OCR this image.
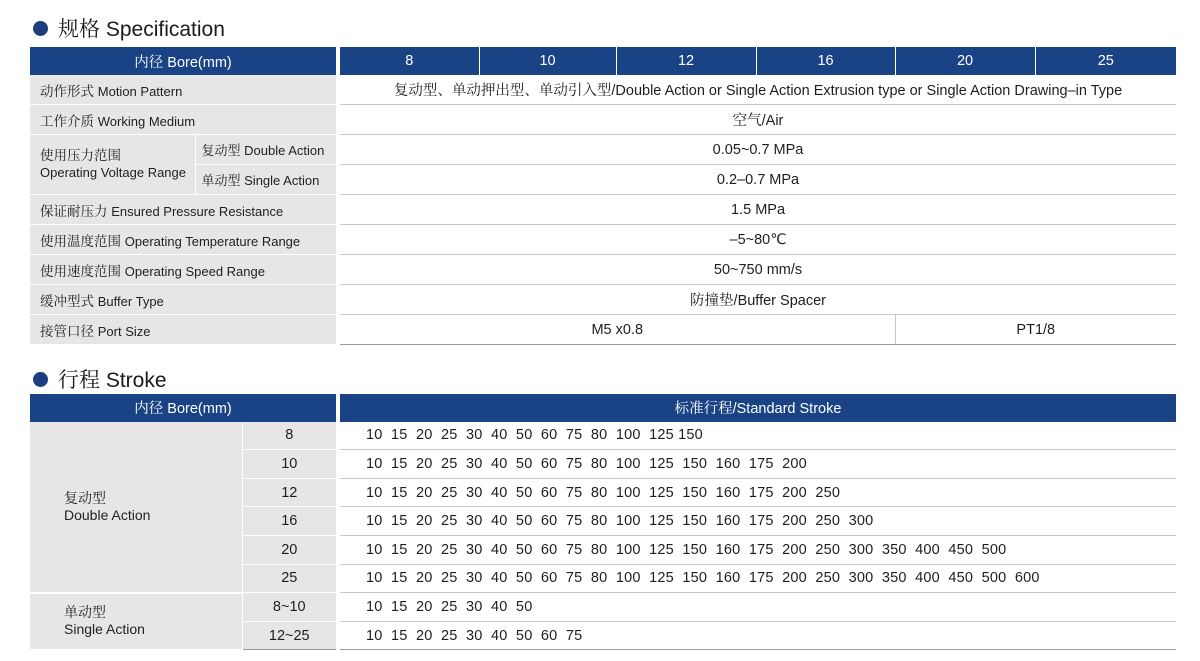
规格 Specification
内径 Bore(mm)		8	10	12	16	20	25
动作形式 Motion Pattern		复动型、单动押出型、单动引入型/Double Action or Single Action Extrusion type or Single Action Drawing–in Type					
工作介质 Working Medium		空气/Air					

使用压力范围
Operating Voltage Range	复动型 Double Action	0.05~0.7 MPa					
	单动型 Single Action	0.2–0.7 MPa					
保证耐压力 Ensured Pressure Resistance		1.5 MPa					
使用温度范围 Operating Temperature Range		–5~80℃					
使用速度范围 Operating Speed Range		50~750 mm/s					
缓冲型式 Buffer Type		防撞垫/Buffer Spacer					
接管口径 Port Size		M5 x0.8				PT1/8	
行程 Stroke
内径 Bore(mm)		标准行程/Standard Stroke

复动型
Double Action	8	10  15  20  25  30  40  50  60  75  80  100  125 150
	10	10  15  20  25  30  40  50  60  75  80  100  125  150  160  175  200
	12	10  15  20  25  30  40  50  60  75  80  100  125  150  160  175  200  250
	16	10  15  20  25  30  40  50  60  75  80  100  125  150  160  175  200  250  300
	20	10  15  20  25  30  40  50  60  75  80  100  125  150  160  175  200  250  300  350  400  450  500
	25	10  15  20  25  30  40  50  60  75  80  100  125  150  160  175  200  250  300  350  400  450  500  600

单动型
Single Action	8~10	10  15  20  25  30  40  50
	12~25	10  15  20  25  30  40  50  60  75
